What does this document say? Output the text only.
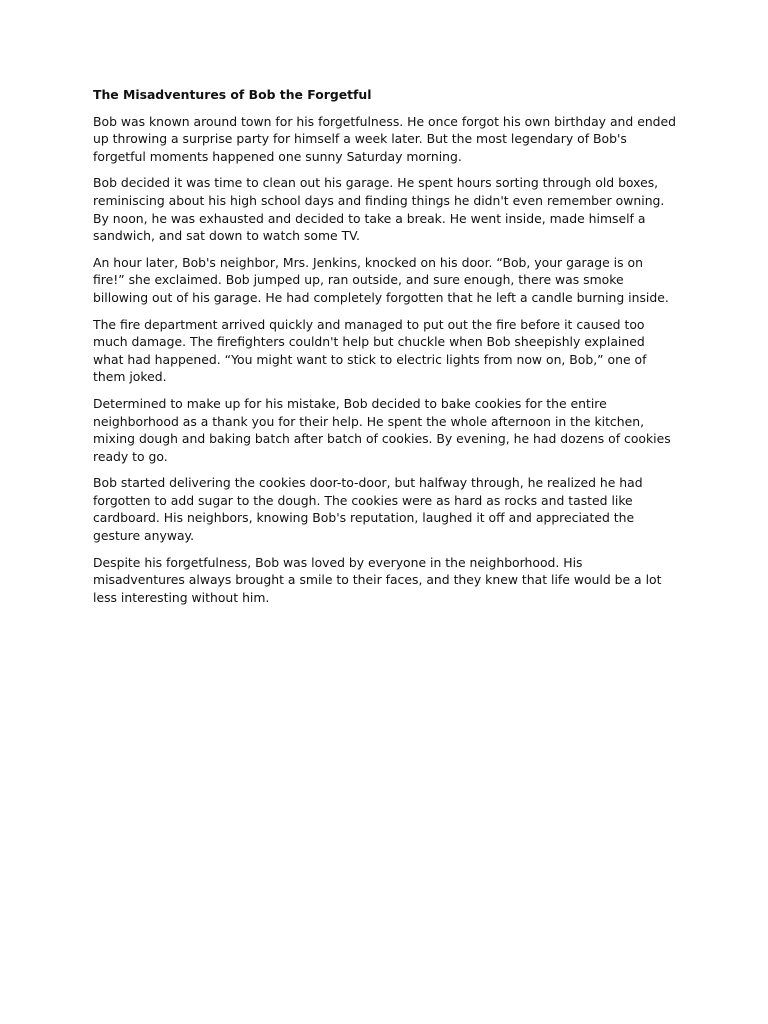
The Misadventures of Bob the Forgetful

Bob was known around town for his forgetfulness. He once forgot his own birthday and ended up throwing a surprise party for himself a week later. But the most legendary of Bob's forgetful moments happened one sunny Saturday morning.

Bob decided it was time to clean out his garage. He spent hours sorting through old boxes, reminiscing about his high school days and finding things he didn't even remember owning. By noon, he was exhausted and decided to take a break. He went inside, made himself a sandwich, and sat down to watch some TV.

An hour later, Bob's neighbor, Mrs. Jenkins, knocked on his door. “Bob, your garage is on fire!” she exclaimed. Bob jumped up, ran outside, and sure enough, there was smoke billowing out of his garage. He had completely forgotten that he left a candle burning inside.

The fire department arrived quickly and managed to put out the fire before it caused too much damage. The firefighters couldn't help but chuckle when Bob sheepishly explained what had happened. “You might want to stick to electric lights from now on, Bob,” one of them joked.

Determined to make up for his mistake, Bob decided to bake cookies for the entire neighborhood as a thank you for their help. He spent the whole afternoon in the kitchen, mixing dough and baking batch after batch of cookies. By evening, he had dozens of cookies ready to go.

Bob started delivering the cookies door-to-door, but halfway through, he realized he had forgotten to add sugar to the dough. The cookies were as hard as rocks and tasted like cardboard. His neighbors, knowing Bob's reputation, laughed it off and appreciated the gesture anyway.

Despite his forgetfulness, Bob was loved by everyone in the neighborhood. His misadventures always brought a smile to their faces, and they knew that life would be a lot less interesting without him.
